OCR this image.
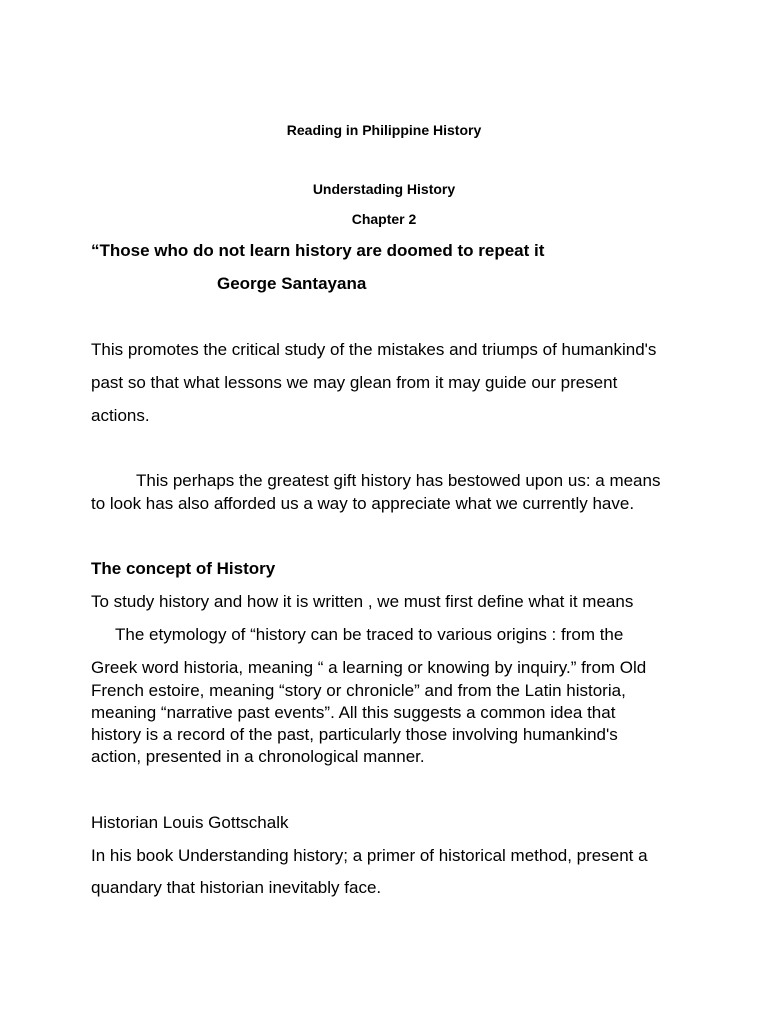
Reading in Philippine History

Understading History

Chapter 2

“Those who do not learn history are doomed to repeat it

George Santayana

This promotes the critical study of the mistakes and triumps of humankind's

past so that what lessons we may glean from it may guide our present

actions.

This perhaps the greatest gift history has bestowed upon us: a means

to look has also afforded us a way to appreciate what we currently have.

The concept of History

To study history and how it is written , we must first define what it means

The etymology of “history can be traced to various origins : from the

Greek word historia, meaning “ a learning or knowing by inquiry.” from Old

French estoire, meaning “story or chronicle” and from the Latin historia,

meaning “narrative past events”. All this suggests a common idea that

history is a record of the past, particularly those involving humankind's

action, presented in a chronological manner.

Historian Louis Gottschalk

In his book Understanding history; a primer of historical method, present a

quandary that historian inevitably face.
